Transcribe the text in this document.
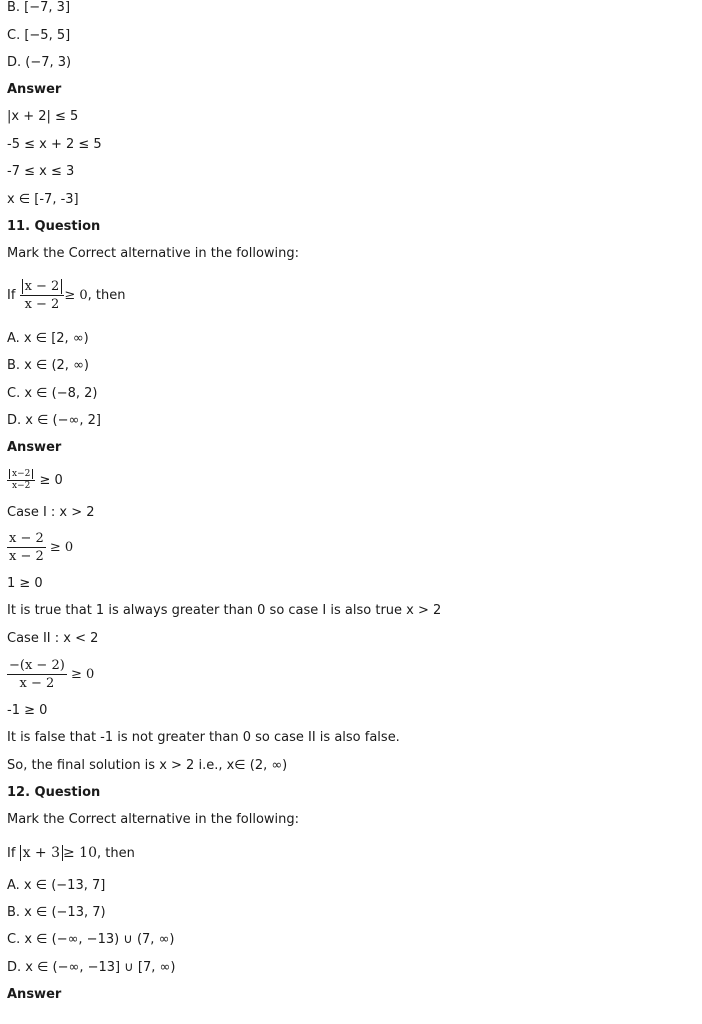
B. [−7, 3]
C. [−5, 5]
D. (−7, 3)
Answer
|x + 2| ≤ 5
-5 ≤ x + 2 ≤ 5
-7 ≤ x ≤ 3
x ∈ [-7, -3]
11. Question
Mark the Correct alternative in the following:
If $\frac{x - 2}{x - 2} \ge 0$, then
A. x ∈ [2, ∞)
B. x ∈ (2, ∞)
C. x ∈ (−8, 2)
D. x ∈ (−∞, 2]
Answer
$\frac{x-2}{x-2} \ge 0$
Case I : x > 2
$\frac{x - 2}{x - 2} \ge 0$
1 ≥ 0
It is true that 1 is always greater than 0 so case I is also true x > 2
Case II : x < 2
$\frac{-(x - 2)}{x - 2} \ge 0$
-1 ≥ 0
It is false that -1 is not greater than 0 so case II is also false.
So, the final solution is x > 2 i.e., x∈ (2, ∞)
12. Question
Mark the Correct alternative in the following:
If x + 3 ≥ 10, then
A. x ∈ (−13, 7]
B. x ∈ (−13, 7)
C. x ∈ (−∞, −13) ∪ (7, ∞)
D. x ∈ (−∞, −13] ∪ [7, ∞)
Answer
